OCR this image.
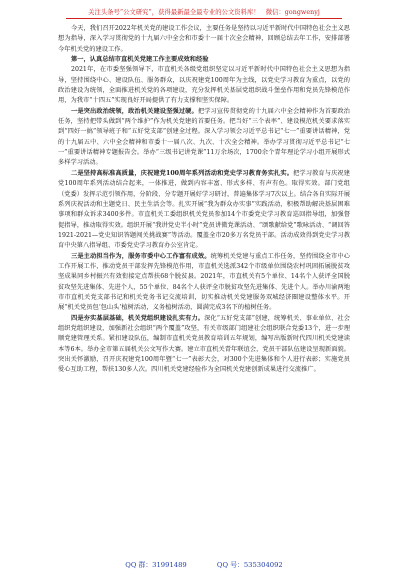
关注头条号“公文研究”，获得最新最全最专业的公文资料库！ 微信：gongwenyj

今天，我们召开2022年机关党的建设工作会议，主要任务是坚持以习近平新时代中国特色社会主义思想为指导，深入学习贯彻党的十九届六中全会和市委十一届十次全会精神，回顾总结去年工作，安排部署今年机关党的建设工作。

第一，认真总结市直机关党建工作主要成效和经验

2021年，在市委坚强领导下，市直机关各级党组织坚定以习近平新时代中国特色社会主义思想为指导，坚持围绕中心、建设队伍、服务群众，以庆祝建党100周年为主线，以党史学习教育为重点，以党的政治建设为统领，全面推进机关党的各项建设，充分发挥机关基层党组织战斗堡垒作用和党员先锋模范作用，为我市“十四五”实现良好开局提供了有力支撑和坚实保障。

一是突出政治统领，政治机关建设坚强过硬。把学习宣传贯彻党的十九届六中全会精神作为首要政治任务，坚持把带头做到“两个维护”作为机关党建的首要任务。把当好“三个表率”、建设模范机关要求落实到“四好一搞”领导班子和“五好党支部”创建全过程。深入学习领会习近平总书记“七一”重要讲话精神，党的十九届五中、六中全会精神和市委十一届八次、九次、十次全会精神。举办学习贯彻习近平总书记“七一”重要讲话精神专题报告会。举办“三级书记讲党课”11万余场次，1700余个青年理论学习小组开展形式多样学习活动。

二是坚持高标准高质量，庆祝建党100周年系列活动和党史学习教育务实扎实。把学习教育与庆祝建党100周年系列活动结合起来，一体推进，做到内容丰富、形式多样、有声有色。取得实效。部门党组（党委）发挥示范引领作用，分阶段、分专题开展好学习研讨，普遍集体学习7次以上。结合各自实际开展系列庆祝活动和主题党日、民主生活会等。扎实开展“我为群众办实事”实践活动，积极帮助解决基层困难事项和群众诉求3400多件。市直机关工委组织机关党员参加14个市委党史学习教育巡回指导组，加强督促指导，推动取得实效。组织开展“我讲党史半小时”党员讲微党课活动、“颂歌献给党”歌咏活动、“调回答1921-2021—党史知识答题闯关挑战赛”等活动。覆盖全市20多万名党员干部。活动成效得到党史学习教育中央第八指导组、市委党史学习教育办公室肯定。

三是主动担当作为，服务市委中心工作富有成效。统筹机关党建与重点工作任务，坚持围绕全市中心工作开展工作，推动党员干部发挥先锋模范作用，市直机关选派342个市级单位围绕农村巩固拓展脱贫攻坚成果同乡村振兴有效衔接定点帮扶68个脱贫县。2021年，市直机关有5个单位、14名个人获评全国脱贫攻坚先进集体、先进个人，55个单位、84名个人获评全市脱贫攻坚先进集体、先进个人。举办川渝两地市市直机关党支部书记和机关党务书记交流培训，切实推动机关党建服务双城经济圈建设整体水平。开展“机关党员包‘包山头’植树活动，义务植树活动，圆满完成3名下的植树任务。

四是夯实基层基础，机关党组织建设扎实有力。深化“五好党支部”创建，统筹机关、事业单位、社会组织党组织建设，加强新社会组织“两个覆盖”攻坚，有关市级部门组建社会组织联合党委13个，进一步理顺党建管理关系。紧扣建设队伍，编制市直机关党员教育培训五年规划，编写出版新时代四川机关党建读本等6本。举办全市第五届机关公文写作大赛。建立市直机关青年联谊会，党员干部队伍建设呈现新面貌。突出关怀激励，召开庆祝建党100周年暨“七一”表彰大会，对300个先进集体和个人进行表彰；实施党员爱心互助工程，帮扶130多人次。四川机关党建经验作为全国机关党建创新成果进行交流推广。

QQ 群：31991489	QQ 号：535304092
